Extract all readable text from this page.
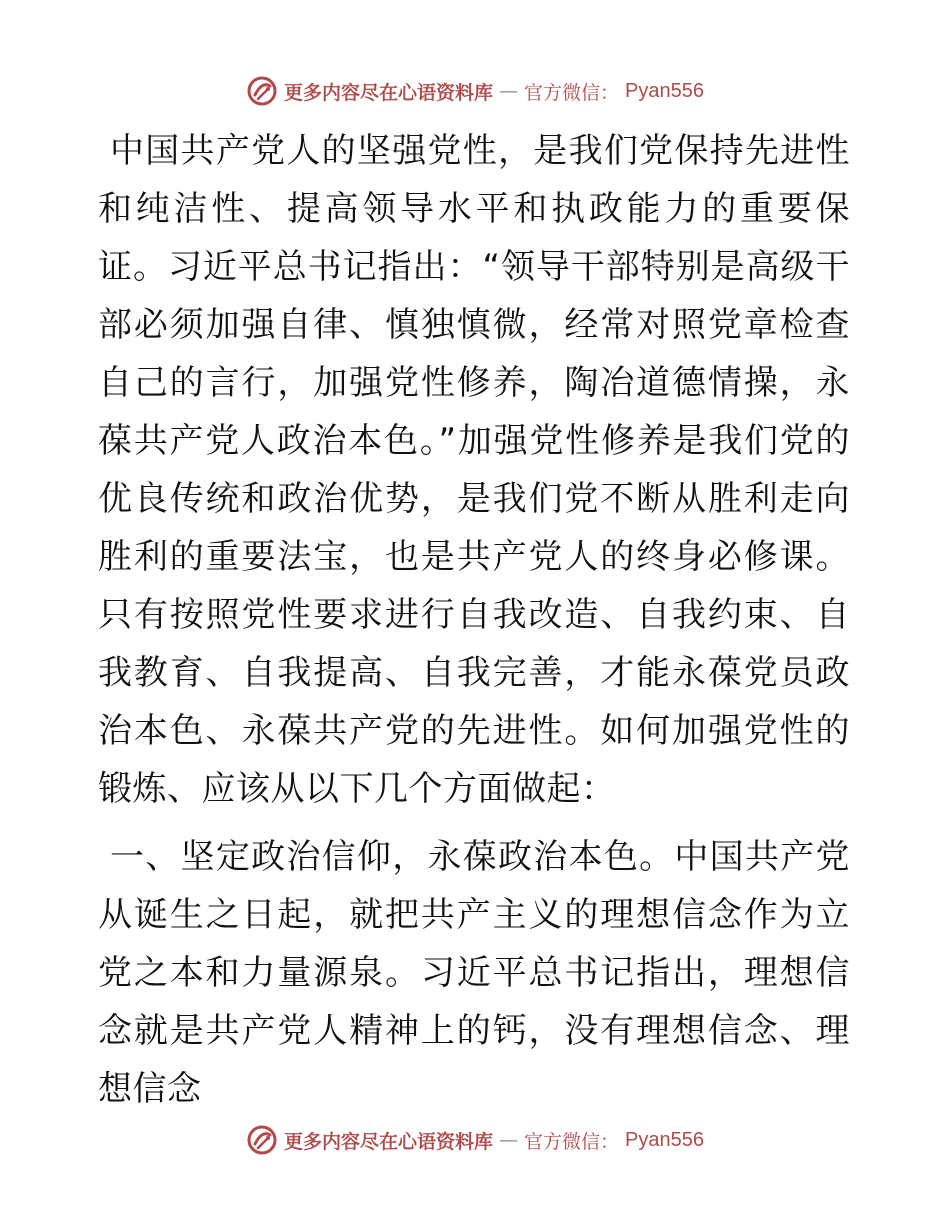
更多内容尽在心语资料库 — 官方微信： Pyan556

中国共产党人的坚强党性，是我们党保持先进性和纯洁性、提高领导水平和执政能力的重要保证。习近平总书记指出：“领导干部特别是高级干部必须加强自律、慎独慎微，经常对照党章检查自己的言行，加强党性修养，陶冶道德情操，永葆共产党人政治本色。”加强党性修养是我们党的优良传统和政治优势，是我们党不断从胜利走向胜利的重要法宝，也是共产党人的终身必修课。只有按照党性要求进行自我改造、自我约束、自我教育、自我提高、自我完善，才能永葆党员政治本色、永葆共产党的先进性。如何加强党性的锻炼、应该从以下几个方面做起：

一、坚定政治信仰，永葆政治本色。中国共产党从诞生之日起，就把共产主义的理想信念作为立党之本和力量源泉。习近平总书记指出，理想信念就是共产党人精神上的钙，没有理想信念、理想信念

更多内容尽在心语资料库 — 官方微信： Pyan556
